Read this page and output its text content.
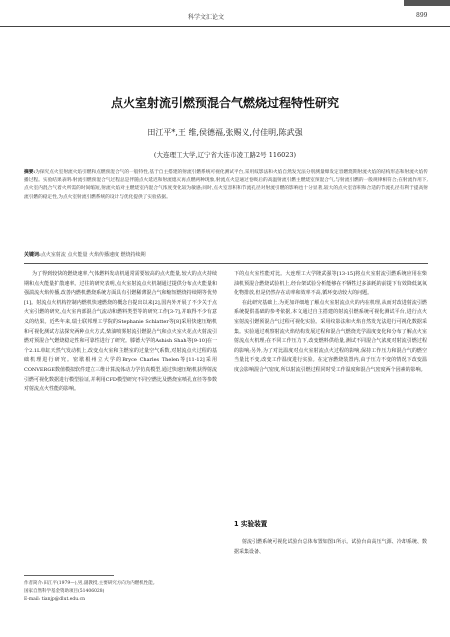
科学文汇论文	899
点火室射流引燃预混合气燃烧过程特性研究
田江平*,王 维,侯德福,张赐义,付佳明,陈武强
(大连理工大学,辽宁省大连市凌工路2号 116023)
摘要:为探究点火室射流火焰引燃和点燃预混合气的一般特性,基于自主搭建的射流引燃系统可视化测试平台,采用纹影法和火焰自然发光法分别测量爆发定容燃烧期射流火焰的结构形态和射流火焰传播过程。实验结果表明:射流引燃预混合气过程总是伴随点火延迟和射流熄灭再点燃两种现象,射流点火是通过卷吸后的高温射流引燃主燃烧室预混合气,与射流引燃的一般规律相符合;在射流作用下,点火室内混合气着火所需的时间缩短,射流火焰对主燃烧室内混合气浓度变化较为敏感;同时,点火室容积和节流孔径对射流引燃的影响也十分显著,较大的点火室容积和合适的节流孔径有利于提高射流引燃的稳定性,为点火室射流引燃系统的设计与优化提供了实验依据。
关键词:点火室射流 点火能量 火焰传播速度 燃烧持续期

为了得到较快的燃烧速率,气体燃料发动机通常需要较高的点火能量,较大的点火持续期和点火能量扩散速率。过往的研究表明,点火室射流点火机制通过提供分布点火能量和强湍流火焰传播,改善内燃机燃烧系统方面具有引燃稀薄混合气和缩短燃烧持续期等优势[1]。射流点火机构控制内燃机快速燃烧的概念自提出以来[2],国内外开展了不少关于点火室引燃的研究,点火室内部混合气流动和燃料类型等的研究工作[3-7],并取得不少有意义的结果。近些年来,瑞士联邦理工学院的Stephanie Schlatter等[8]采用快速压缩机和可视化测试方法探究两种点火方式,柴油喷雾射流引燃混合气和点火室火花点火射流引燃对预混合气燃烧稳定性和可靠性进行了研究。滕德大学的Ashish Shah等[9-10]在一个2.1L单缸天然气发动机上,改变点火室和主燃室的过量空气系数,对射流点火过程的基础机理进行研究。密歇根州立大学的Bryce Charles Thelen等[11-12]采用CONVERGE数值模拟软件建立三维计算流体动力学仿真模型,通过快速压缩机获得射流引燃可视化数据进行模型验证,并利用CFD模型研究不同空燃比及燃烧室喷孔直径等参数对射流点火性能的影响。

下的点火室性能对比。大连理工大学隆武强等[13-15]将点火室射流引燃系统应用在柴油机预混合燃烧试验机上,经台架试验分析能够在不牺牲过多油耗的前提下有效降低氮氧化物排放,但是仍然存在动率和效率不高,循环变动较大的问题。

在此研究基础上,为更加详细地了解点火室射流点火的内在机理,从而对改进射流引燃系统提供基础的参考依据,本文通过自主搭建的射流引燃系统可视化测试平台,进行点火室射流引燃预混合气过程可视化实验。采用纹影法和火焰自然发光法进行可视化数据采集。实验通过观察射流火焰结构发展过程和混合气燃烧光学温度变化和分布了解点火室射流点火机理;在不同工作压力下,改变燃料供给量,测试不同混合气浓度对射流引燃过程的影响;另外,为了对比温度对点火室射流点火过程的影响,保持工作压力和混合气的燃空当量比不变,改变工作温度进行实验。在定容燃烧装置内,由于压力不变的情况下改变温度会影响混合气密度,所以射流引燃过程同时受工作温度和混合气密度两个因素的影响。

1 实验装置

射流引燃系统可视化试验台总体布置如图1所示。试验台由高压气源、冷却系统、数据采集设备、

作者简介:田江平(1979—),男,副教授,主要研究方向为内燃机性能。
国家自然科学基金资助项目(51406028)
E-mail: tianjp@dlut.edu.cn
